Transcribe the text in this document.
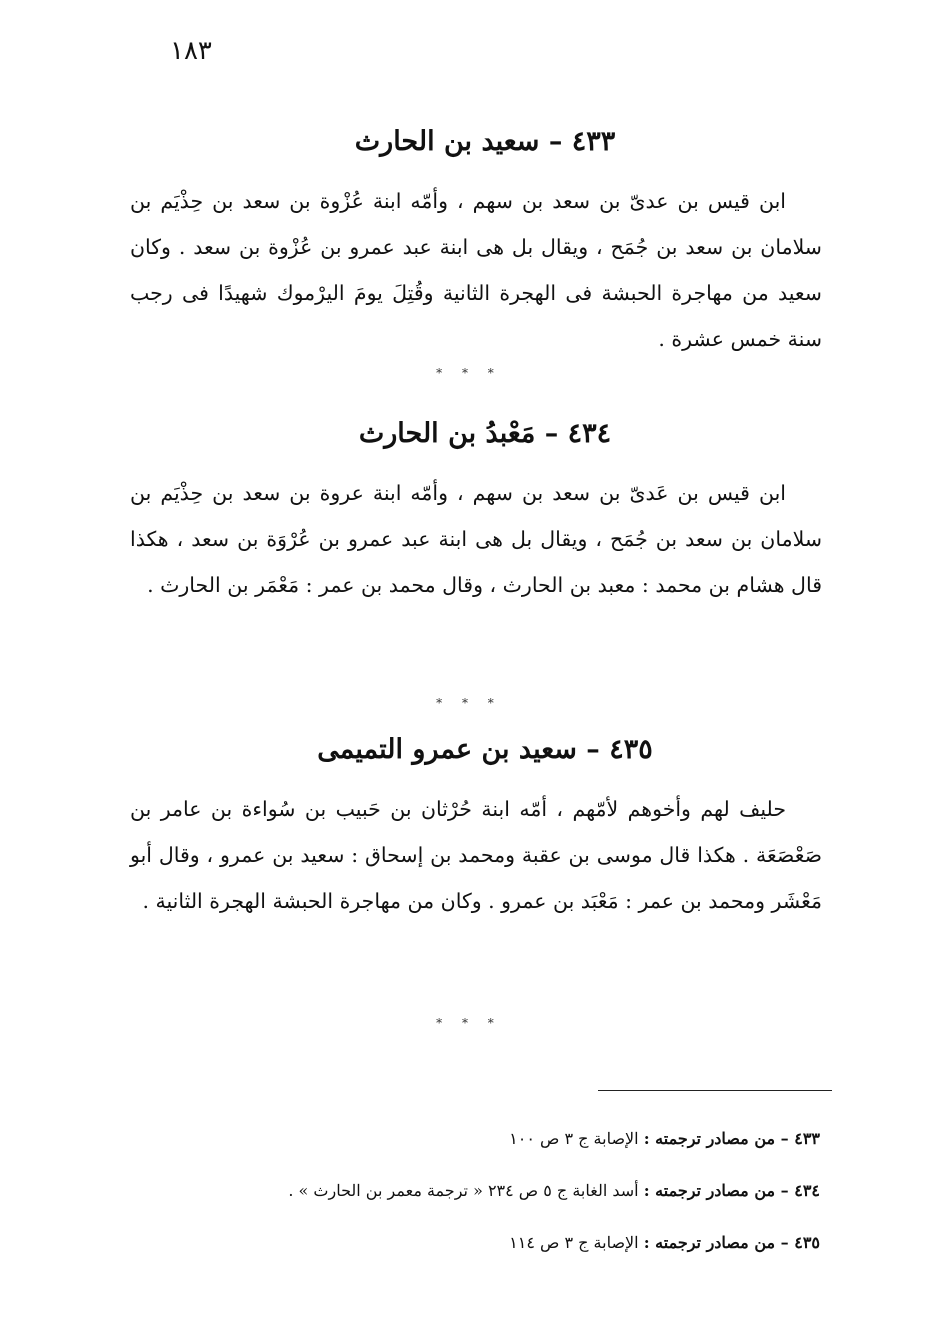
١٨٣
٤٣٣ – سعيد بن الحارث

ابن قيس بن عدىّ بن سعد بن سهم ، وأمّه ابنة عُزْوة بن سعد بن حِذْيَم بن سلامان بن سعد بن جُمَح ، ويقال بل هى ابنة عبد عمرو بن عُزْوة بن سعد . وكان سعيد من مهاجرة الحبشة فى الهجرة الثانية وقُتِلَ يومَ اليرْموك شهيدًا فى رجب سنة خمس عشرة .

* * *
٤٣٤ – مَعْبدُ بن الحارث

ابن قيس بن عَدىّ بن سعد بن سهم ، وأمّه ابنة عروة بن سعد بن حِذْيَم بن سلامان بن سعد بن جُمَح ، ويقال بل هى ابنة عبد عمرو بن عُرْوَة بن سعد ، هكذا قال هشام بن محمد : معبد بن الحارث ، وقال محمد بن عمر : مَعْمَر بن الحارث .

* * *
٤٣٥ – سعيد بن عمرو التميمى

حليف لهم وأخوهم لأمّهم ، أمّه ابنة حُرْثان بن حَبيب بن سُواءة بن عامر بن صَعْصَعَة . هكذا قال موسى بن عقبة ومحمد بن إسحاق : سعيد بن عمرو ، وقال أبو مَعْشَر ومحمد بن عمر : مَعْبَد بن عمرو . وكان من مهاجرة الحبشة الهجرة الثانية .

* * *

٤٣٣ – من مصادر ترجمته : الإصابة ج ٣ ص ١٠٠

٤٣٤ – من مصادر ترجمته : أسد الغابة ج ٥ ص ٢٣٤ « ترجمة معمر بن الحارث » .

٤٣٥ – من مصادر ترجمته : الإصابة ج ٣ ص ١١٤
